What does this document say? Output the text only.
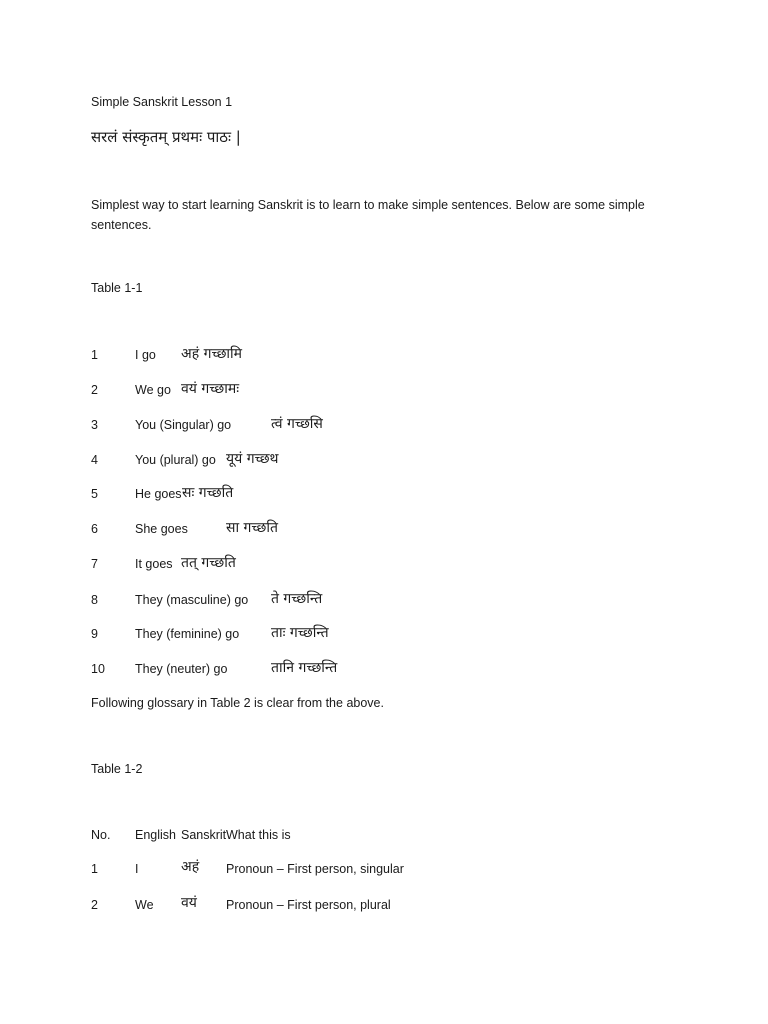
Simple Sanskrit Lesson 1
सरलं संस्कृतम् प्रथमः पाठः |
Simplest way to start learning Sanskrit is to learn to make simple sentences. Below are some simple sentences.
Table 1-1
1	I go अहं गच्छामि
2	We go वयं गच्छामः
3	You (Singular) go	त्वं गच्छसि
4	You (plural) go यूयं गच्छथ
5	He goes सः गच्छति
6	She goes	सा गच्छति
7	It goes तत् गच्छति
8	They (masculine) go ते गच्छन्ति
9	They (feminine) go ताः गच्छन्ति
10 They (neuter) go	तानि गच्छन्ति
Following glossary in Table 2 is clear from the above.
Table 1-2
No. English Sanskrit What this is
1	I	अहं Pronoun – First person, singular
2	We वयं Pronoun – First person, plural
